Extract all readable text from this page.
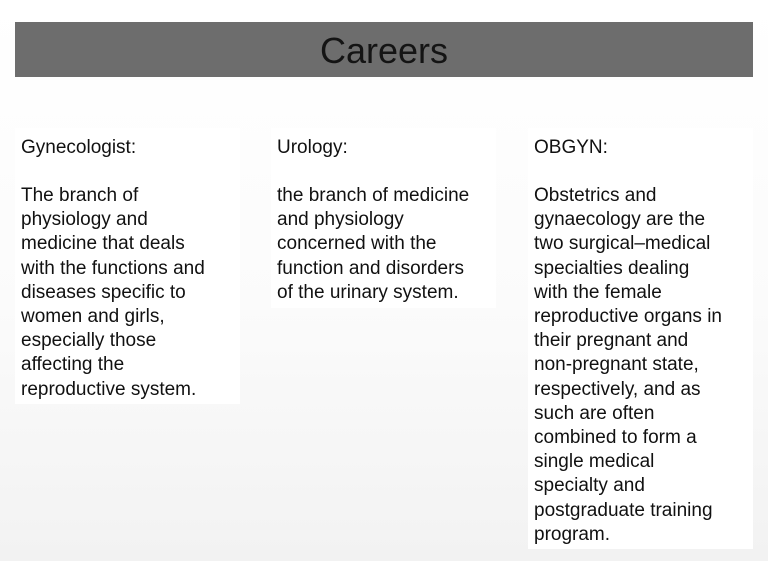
Careers

Gynecologist:

The branch of
physiology and
medicine that deals
with the functions and
diseases specific to
women and girls,
especially those
affecting the
reproductive system.

Urology:

the branch of medicine
and physiology
concerned with the
function and disorders
of the urinary system.

OBGYN:

Obstetrics and
gynaecology are the
two surgical–medical
specialties dealing
with the female
reproductive organs in
their pregnant and
non-pregnant state,
respectively, and as
such are often
combined to form a
single medical
specialty and
postgraduate training
program.
